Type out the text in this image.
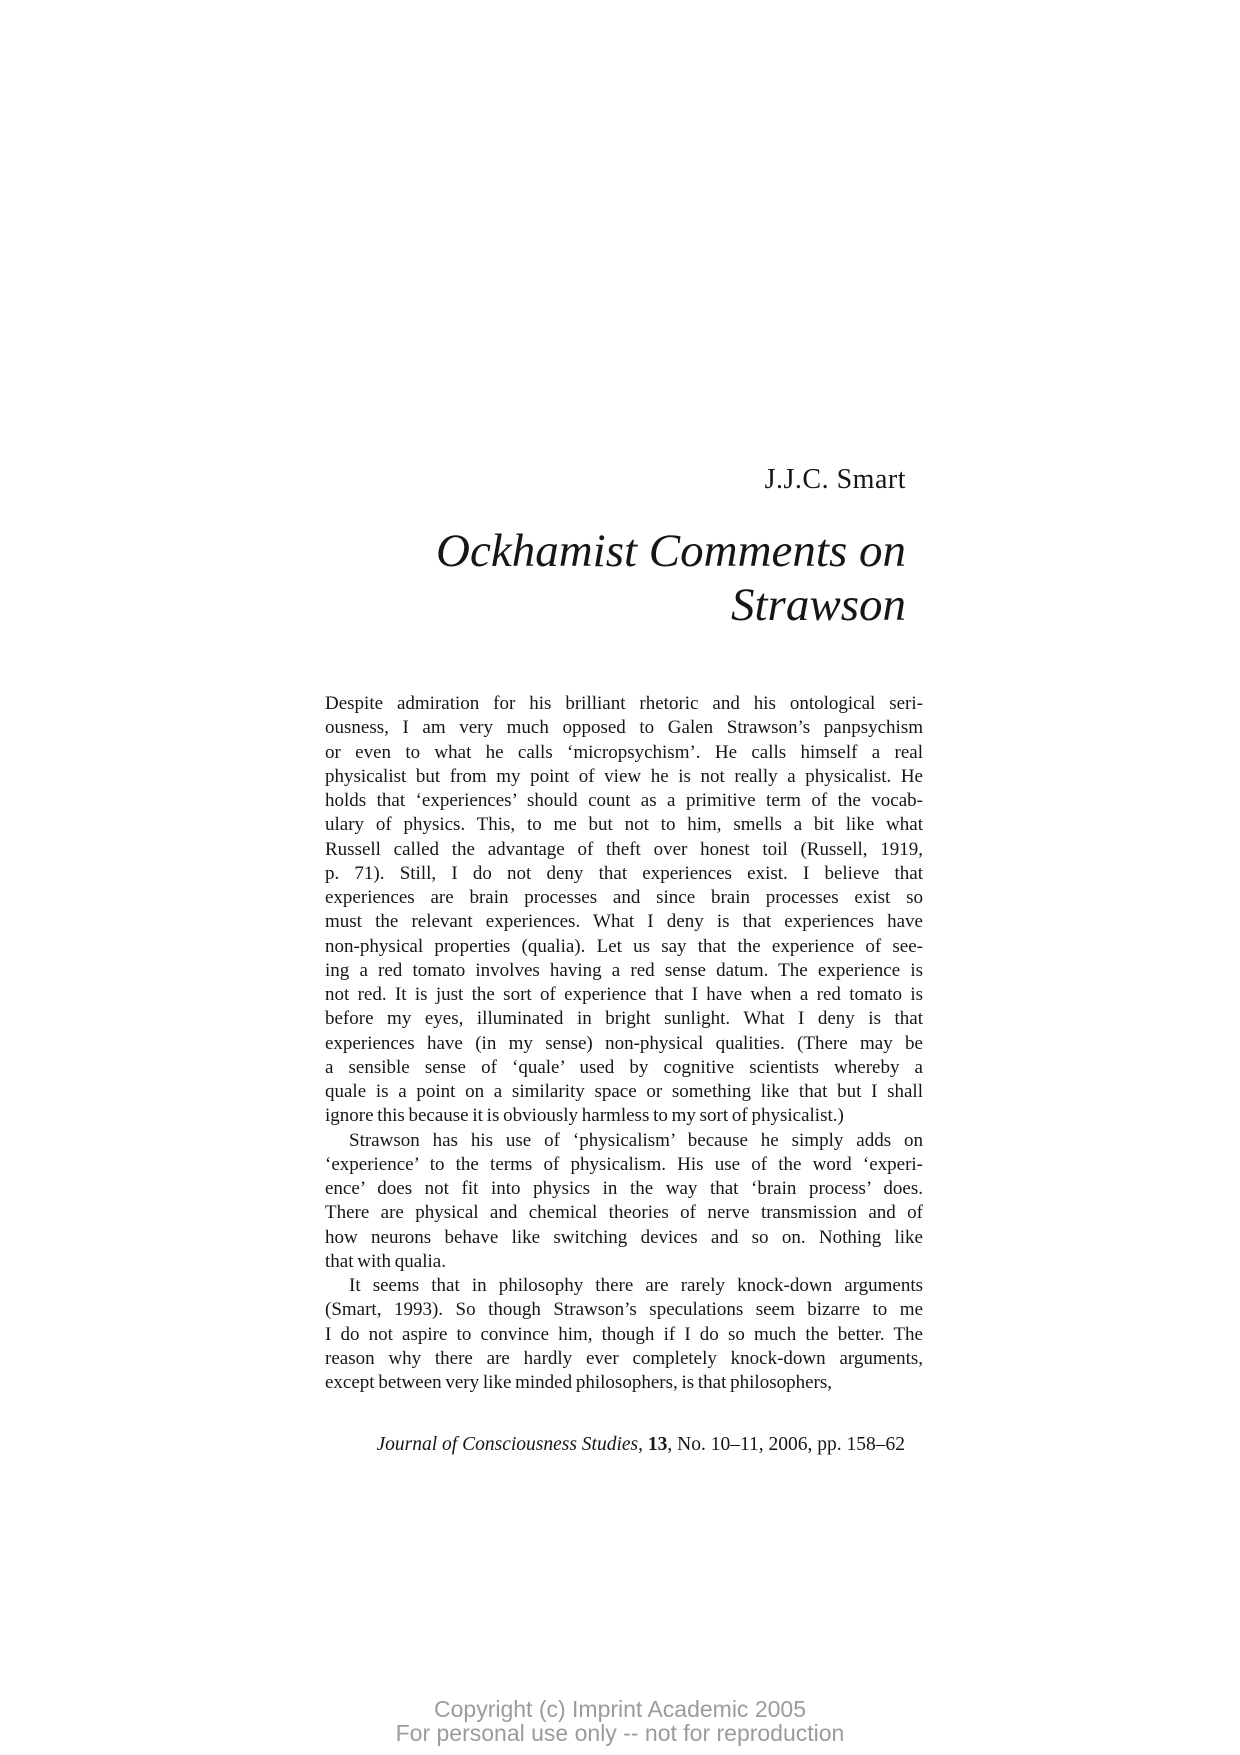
J.J.C. Smart
Ockhamist Comments on
Strawson
Despite admiration for his brilliant rhetoric and his ontological seri-
ousness, I am very much opposed to Galen Strawson’s panpsychism
or even to what he calls ‘micropsychism’. He calls himself a real
physicalist but from my point of view he is not really a physicalist. He
holds that ‘experiences’ should count as a primitive term of the vocab-
ulary of physics. This, to me but not to him, smells a bit like what
Russell called the advantage of theft over honest toil (Russell, 1919,
p. 71). Still, I do not deny that experiences exist. I believe that
experiences are brain processes and since brain processes exist so
must the relevant experiences. What I deny is that experiences have
non-physical properties (qualia). Let us say that the experience of see-
ing a red tomato involves having a red sense datum. The experience is
not red. It is just the sort of experience that I have when a red tomato is
before my eyes, illuminated in bright sunlight. What I deny is that
experiences have (in my sense) non-physical qualities. (There may be
a sensible sense of ‘quale’ used by cognitive scientists whereby a
quale is a point on a similarity space or something like that but I shall
ignore this because it is obviously harmless to my sort of physicalist.)
Strawson has his use of ‘physicalism’ because he simply adds on
‘experience’ to the terms of physicalism. His use of the word ‘experi-
ence’ does not fit into physics in the way that ‘brain process’ does.
There are physical and chemical theories of nerve transmission and of
how neurons behave like switching devices and so on. Nothing like
that with qualia.
It seems that in philosophy there are rarely knock-down arguments
(Smart, 1993). So though Strawson’s speculations seem bizarre to me
I do not aspire to convince him, though if I do so much the better. The
reason why there are hardly ever completely knock-down arguments,
except between very like minded philosophers, is that philosophers,
Journal of Consciousness Studies, 13, No. 10–11, 2006, pp. 158–62
Copyright (c) Imprint Academic 2005
For personal use only -- not for reproduction
